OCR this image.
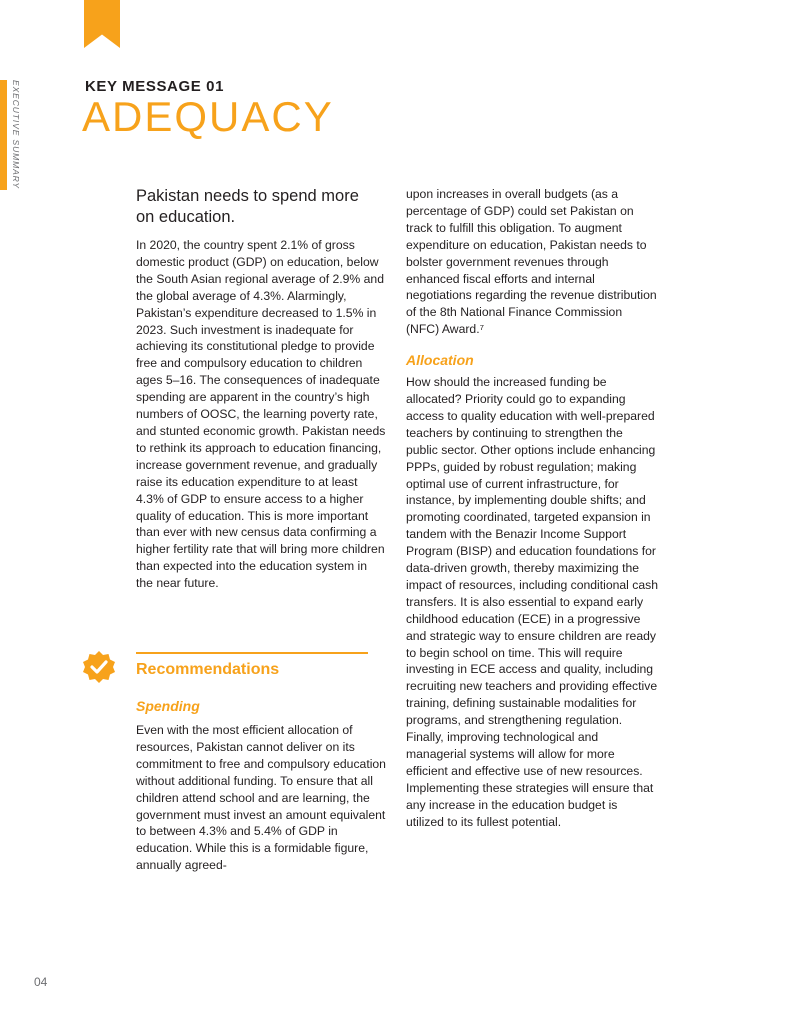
EXECUTIVE SUMMARY	KEY MESSAGE 01
ADEQUACY
Pakistan needs to spend more on education.

In 2020, the country spent 2.1% of gross domestic product (GDP) on education, below the South Asian regional average of 2.9% and the global average of 4.3%. Alarmingly, Pakistan’s expenditure decreased to 1.5% in 2023. Such investment is inadequate for achieving its constitutional pledge to provide free and compulsory education to children ages 5–16. The consequences of inadequate spending are apparent in the country’s high numbers of OOSC, the learning poverty rate, and stunted economic growth. Pakistan needs to rethink its approach to education financing, increase government revenue, and gradually raise its education expenditure to at least 4.3% of GDP to ensure access to a higher quality of education. This is more important than ever with new census data confirming a higher fertility rate that will bring more children than expected into the education system in the near future.

Recommendations
Spending

Even with the most efficient allocation of resources, Pakistan cannot deliver on its commitment to free and compulsory education without additional funding. To ensure that all children attend school and are learning, the government must invest an amount equivalent to between 4.3% and 5.4% of GDP in education. While this is a formidable figure, annually agreed-

upon increases in overall budgets (as a percentage of GDP) could set Pakistan on track to fulfill this obligation. To augment expenditure on education, Pakistan needs to bolster government revenues through enhanced fiscal efforts and internal negotiations regarding the revenue distribution of the 8th National Finance Commission (NFC) Award.⁷

Allocation

How should the increased funding be allocated? Priority could go to expanding access to quality education with well-prepared teachers by continuing to strengthen the public sector. Other options include enhancing PPPs, guided by robust regulation; making optimal use of current infrastructure, for instance, by implementing double shifts; and promoting coordinated, targeted expansion in tandem with the Benazir Income Support Program (BISP) and education foundations for data-driven growth, thereby maximizing the impact of resources, including conditional cash transfers. It is also essential to expand early childhood education (ECE) in a progressive and strategic way to ensure children are ready to begin school on time. This will require investing in ECE access and quality, including recruiting new teachers and providing effective training, defining sustainable modalities for programs, and strengthening regulation. Finally, improving technological and managerial systems will allow for more efficient and effective use of new resources. Implementing these strategies will ensure that any increase in the education budget is utilized to its fullest potential.

04
